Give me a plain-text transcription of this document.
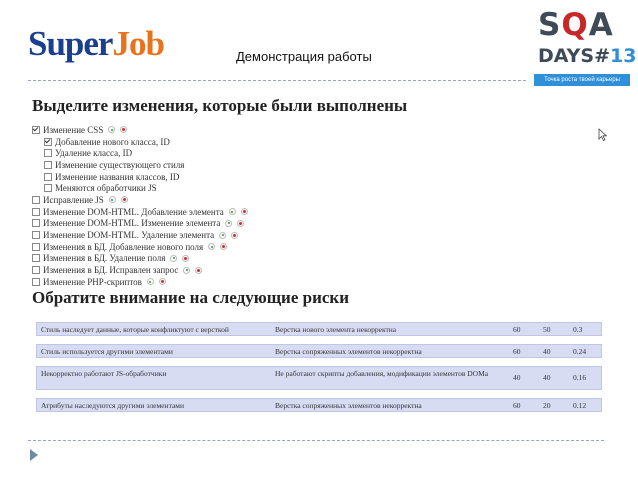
SuperJob	Демонстрация работы
SQA
DAYS#13
Точка роста твоей карьеры
Выделите изменения, которые были выполнены
Изменение CSS
Добавление нового класса, ID
Удаление класса, ID
Изменение существующего стиля
Изменение названия классов, ID
Меняются обработчики JS
Исправление JS
Изменение DOM-HTML. Добавление элемента
Изменение DOM-HTML. Изменение элемента
Изменение DOM-HTML. Удаление элемента
Изменения в БД. Добавление нового поля
Изменения в БД. Удаление поля
Изменения в БД. Исправлен запрос
Изменение PHP-скриптов
Обратите внимание на следующие риски
Стиль наследует данные, которые конфликтуют с версткой	Верстка нового элемента некорректна	60	50	0.3
Стиль используется другими элементами	Верстка сопряженных элементов некорректна	60	40	0.24
Некорректно работают JS-обработчики	Не работают скрипты добавления, модификации элементов DOMa	40	40	0.16
Атрибуты наследуются другими элементами	Верстка сопряженных элементов некорректна	60	20	0.12
